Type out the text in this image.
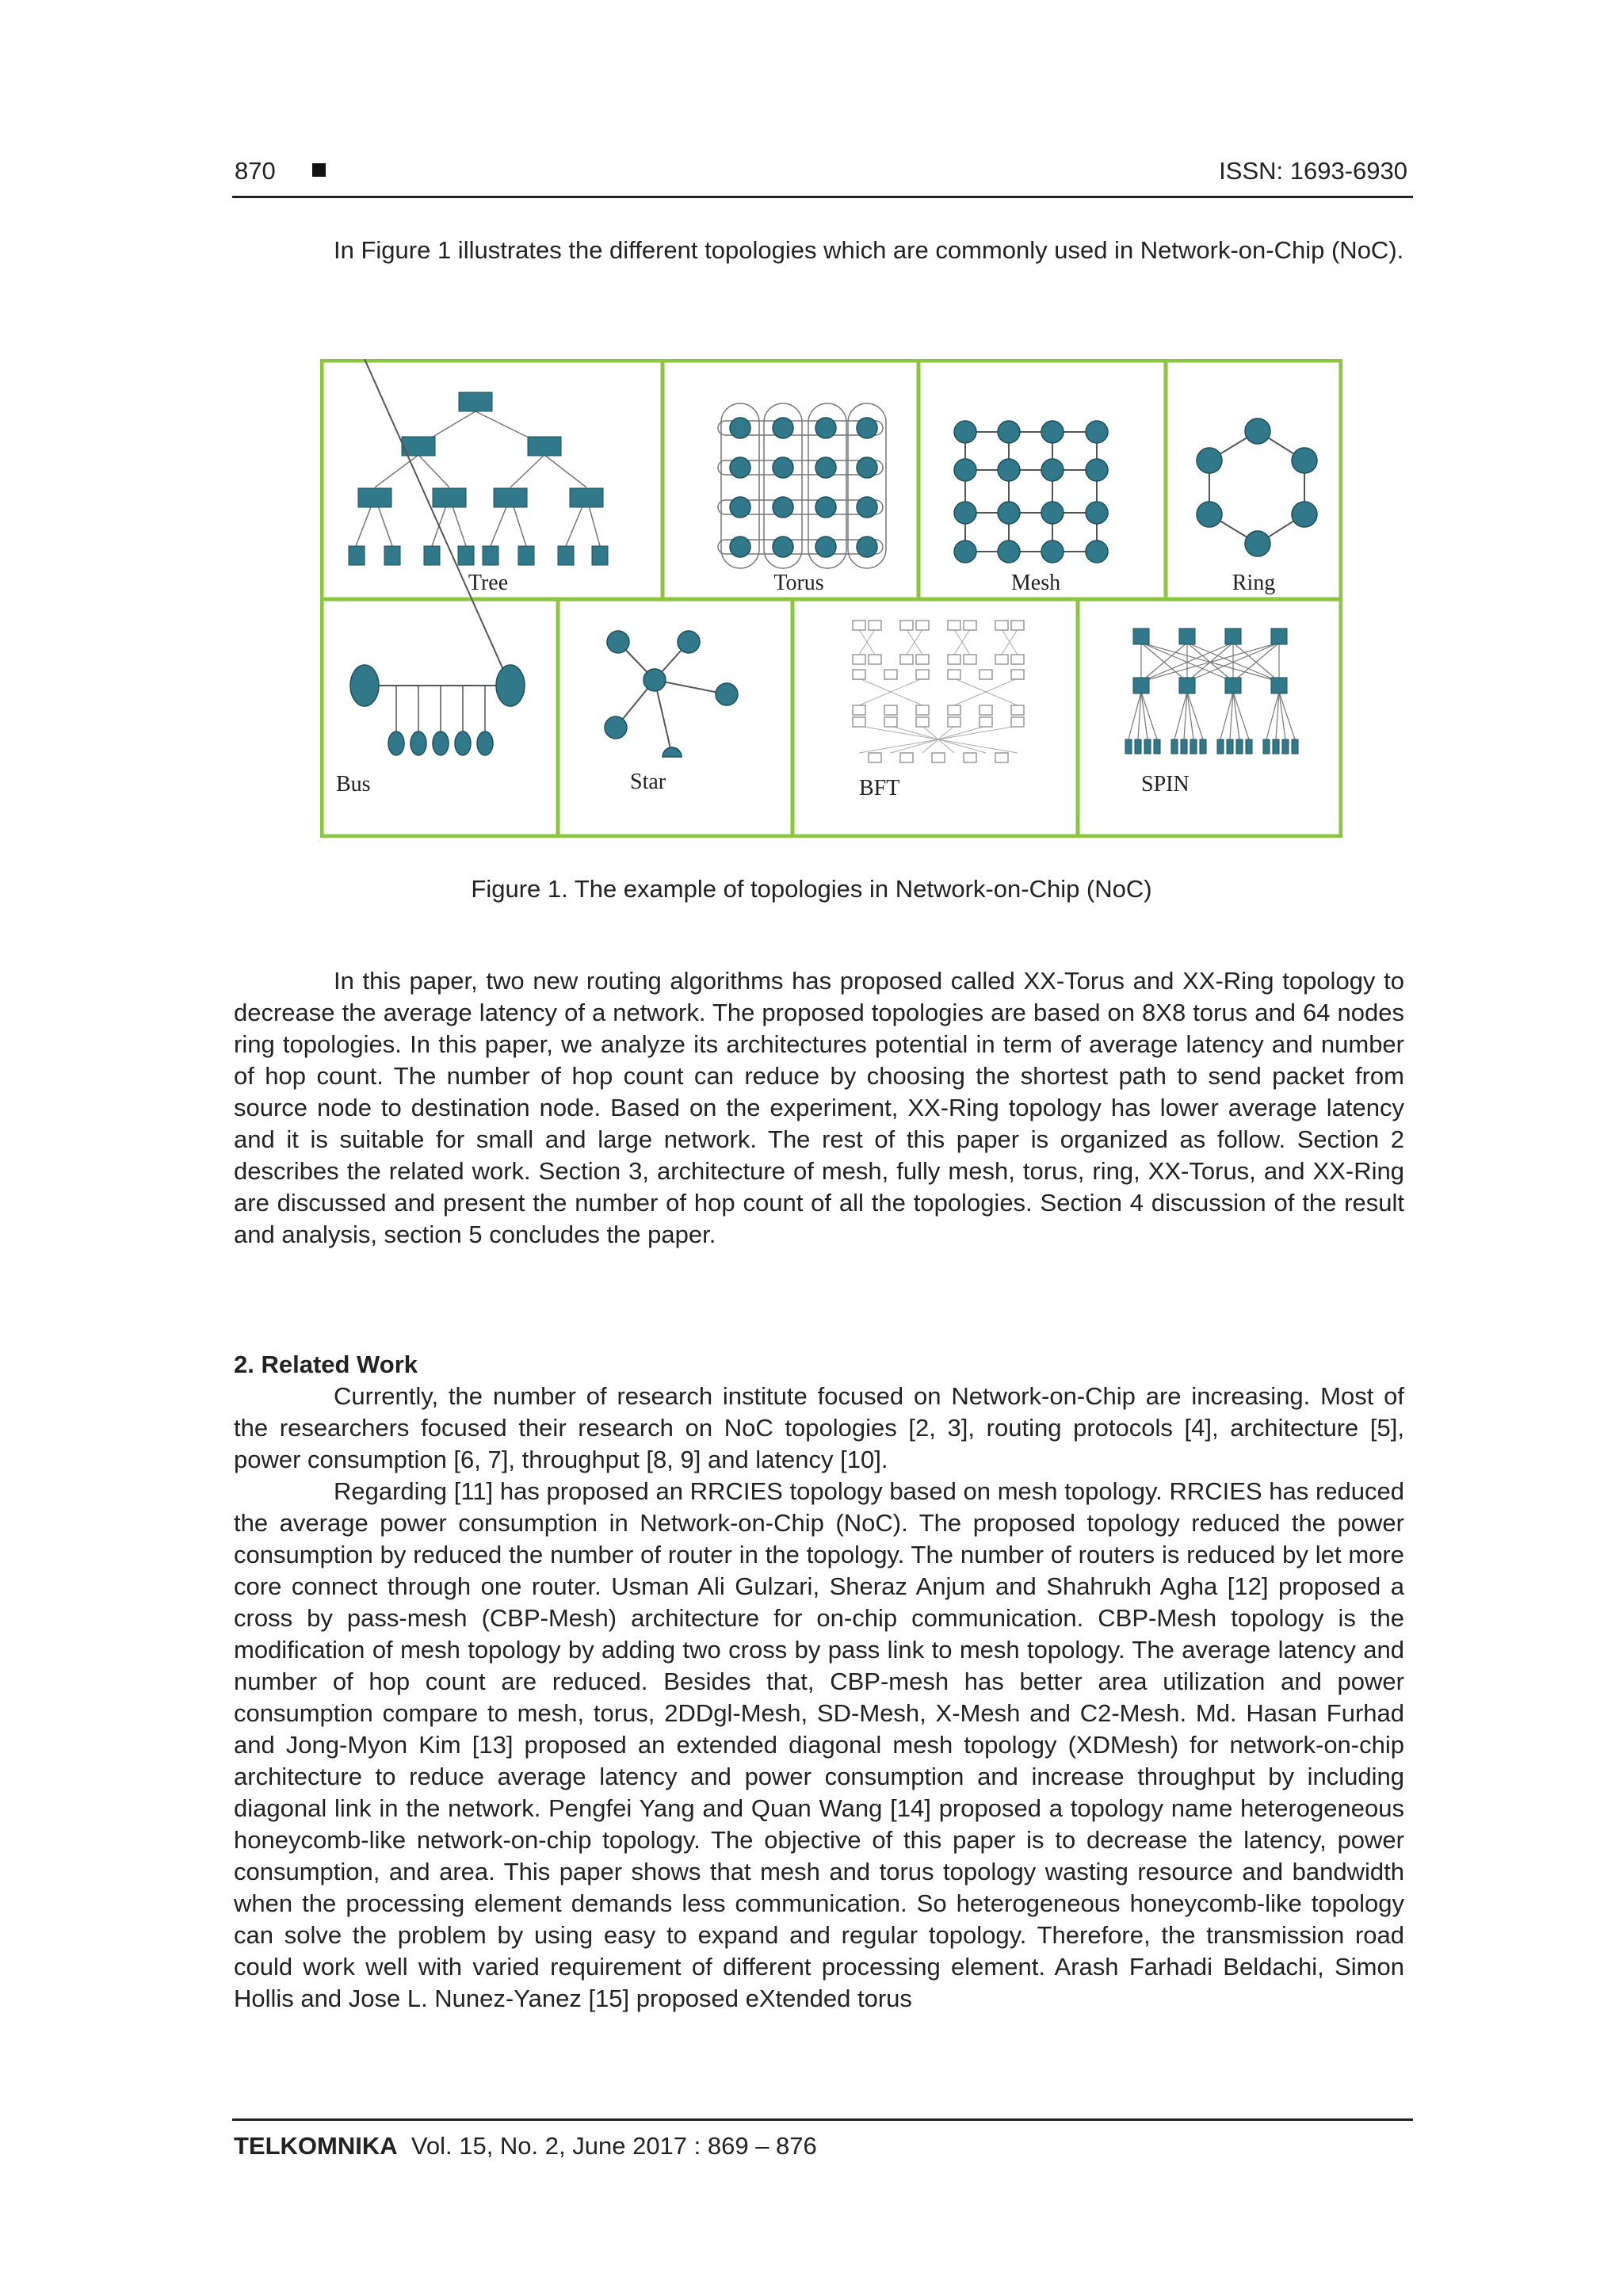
870	ISSN: 1693-6930

In Figure 1 illustrates the different topologies which are commonly used in Network-on-Chip (NoC).

Tree	Torus	Mesh	Ring
Bus	Star	BFT	SPIN
Figure 1. The example of topologies in Network-on-Chip (NoC)

In this paper, two new routing algorithms has proposed called XX-Torus and XX-Ring topology to decrease the average latency of a network. The proposed topologies are based on 8X8 torus and 64 nodes ring topologies. In this paper, we analyze its architectures potential in term of average latency and number of hop count. The number of hop count can reduce by choosing the shortest path to send packet from source node to destination node. Based on the experiment, XX-Ring topology has lower average latency and it is suitable for small and large network. The rest of this paper is organized as follow. Section 2 describes the related work. Section 3, architecture of mesh, fully mesh, torus, ring, XX-Torus, and XX-Ring are discussed and present the number of hop count of all the topologies. Section 4 discussion of the result and analysis, section 5 concludes the paper.

2. Related Work

Currently, the number of research institute focused on Network-on-Chip are increasing. Most of the researchers focused their research on NoC topologies [2, 3], routing protocols [4], architecture [5], power consumption [6, 7], throughput [8, 9] and latency [10].

Regarding [11] has proposed an RRCIES topology based on mesh topology. RRCIES has reduced the average power consumption in Network-on-Chip (NoC). The proposed topology reduced the power consumption by reduced the number of router in the topology. The number of routers is reduced by let more core connect through one router. Usman Ali Gulzari, Sheraz Anjum and Shahrukh Agha [12] proposed a cross by pass-mesh (CBP-Mesh) architecture for on-chip communication. CBP-Mesh topology is the modification of mesh topology by adding two cross by pass link to mesh topology. The average latency and number of hop count are reduced. Besides that, CBP-mesh has better area utilization and power consumption compare to mesh, torus, 2DDgl-Mesh, SD-Mesh, X-Mesh and C2-Mesh. Md. Hasan Furhad and Jong-Myon Kim [13] proposed an extended diagonal mesh topology (XDMesh) for network-on-chip architecture to reduce average latency and power consumption and increase throughput by including diagonal link in the network. Pengfei Yang and Quan Wang [14] proposed a topology name heterogeneous honeycomb-like network-on-chip topology. The objective of this paper is to decrease the latency, power consumption, and area. This paper shows that mesh and torus topology wasting resource and bandwidth when the processing element demands less communication. So heterogeneous honeycomb-like topology can solve the problem by using easy to expand and regular topology. Therefore, the transmission road could work well with varied requirement of different processing element. Arash Farhadi Beldachi, Simon Hollis and Jose L. Nunez-Yanez [15] proposed eXtended torus

TELKOMNIKA Vol. 15, No. 2, June 2017 : 869 – 876
